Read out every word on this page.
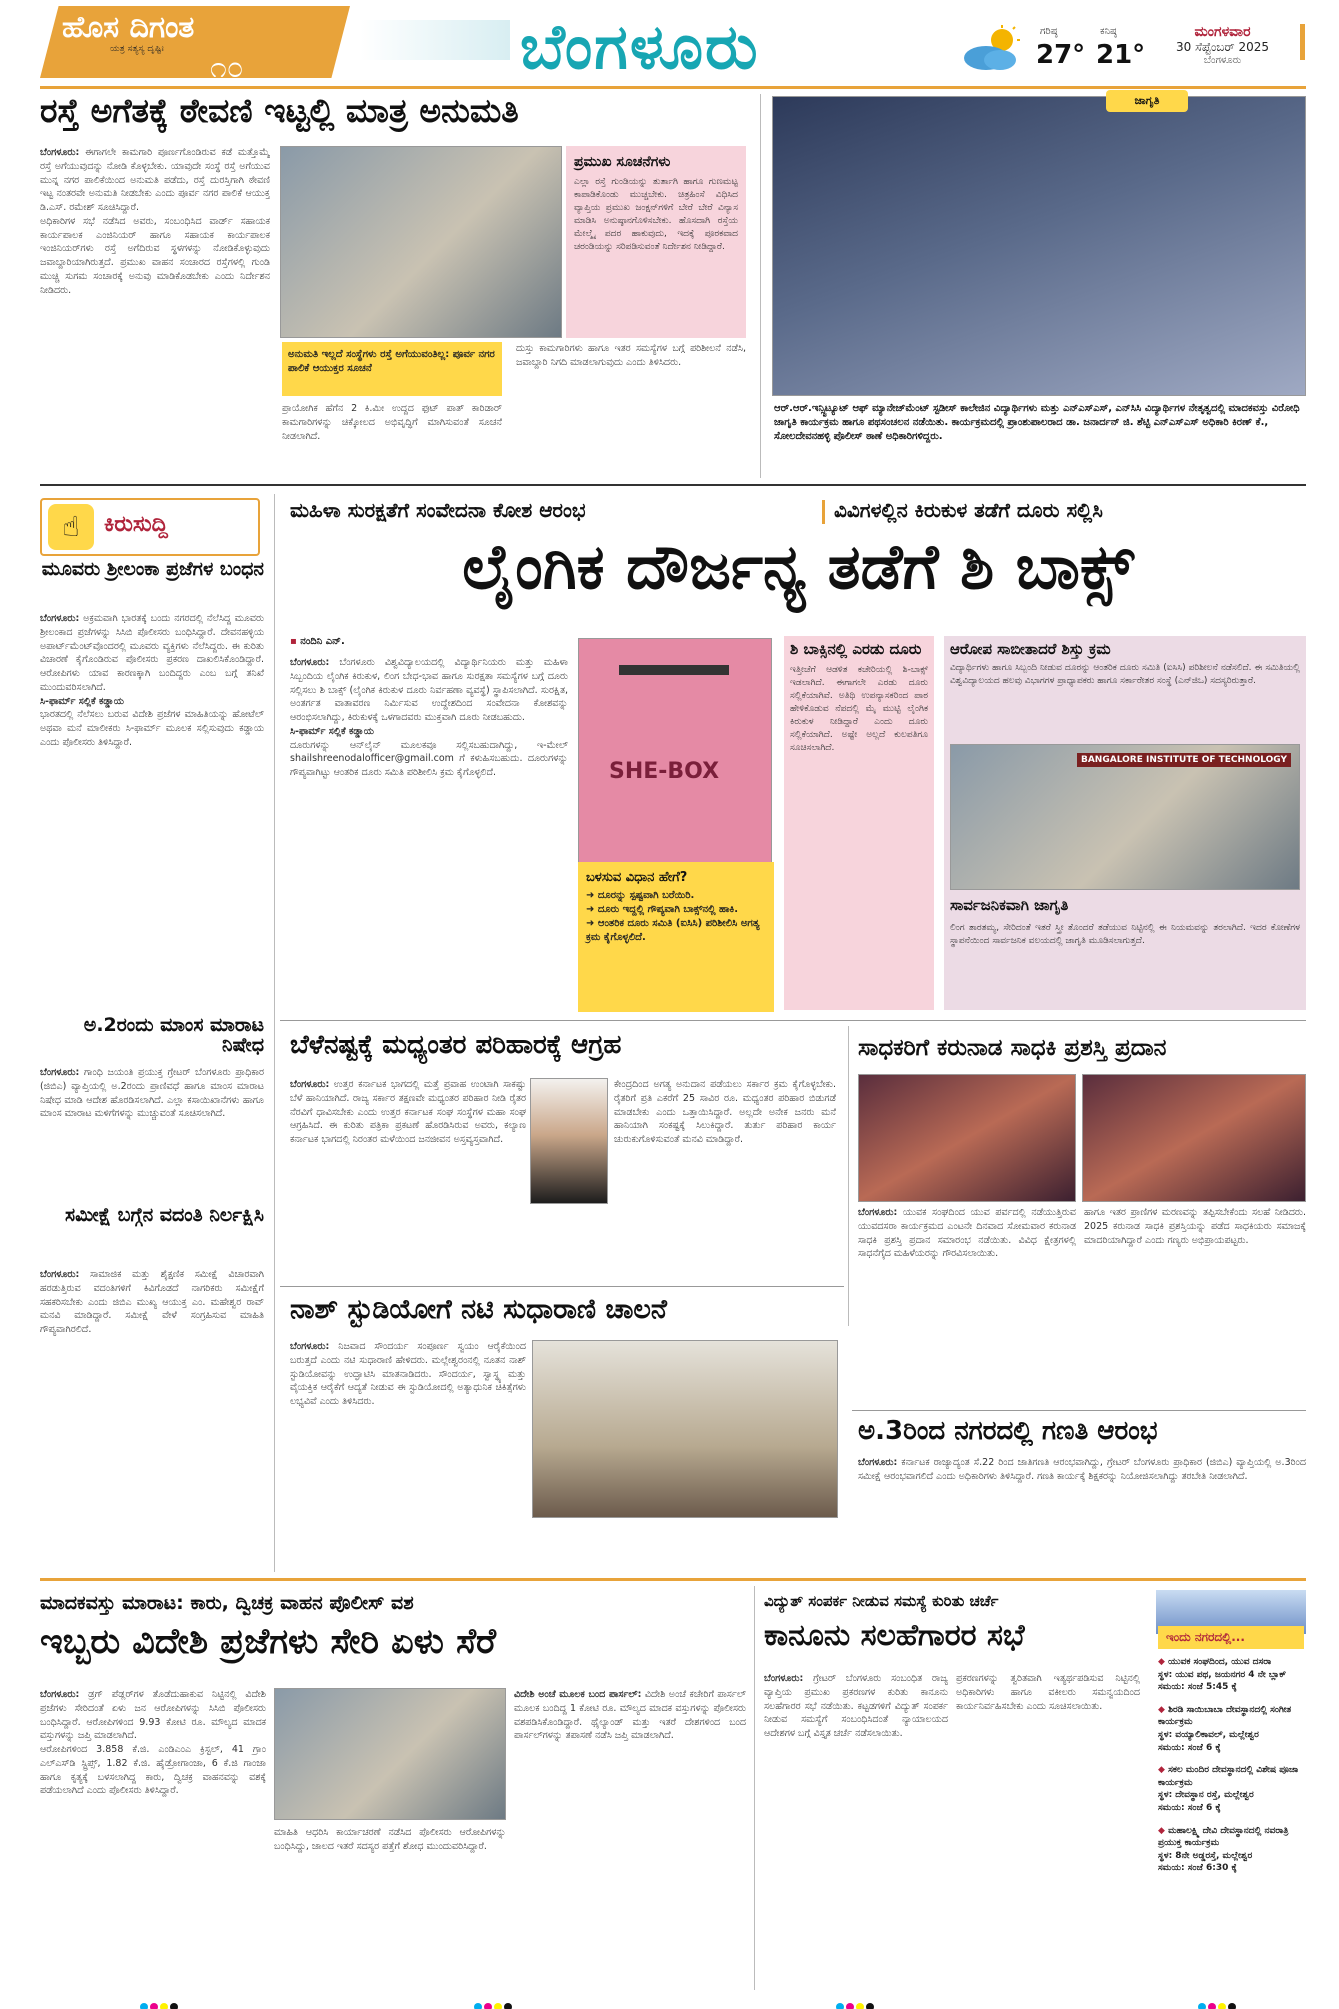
ಹೊಸ ದಿಗಂತ
ಯತ್ರ ಸತ್ಯಸ್ಯ ದೃಷ್ಟಿಃ
೧೦	ಬೆಂಗಳೂರು	ಗರಿಷ್ಠ
27°
ಕನಿಷ್ಠ
21°
ಮಂಗಳವಾರ
30 ಸೆಪ್ಟೆಂಬರ್ 2025
ಬೆಂಗಳೂರು
ರಸ್ತೆ ಅಗೆತಕ್ಕೆ ಠೇವಣಿ ಇಟ್ಟಲ್ಲಿ ಮಾತ್ರ ಅನುಮತಿ
ಬೆಂಗಳೂರು: ಈಗಾಗಲೇ ಕಾಮಗಾರಿ ಪೂರ್ಣಗೊಂಡಿರುವ ಕಡೆ ಮತ್ತೊಮ್ಮೆ ರಸ್ತೆ ಅಗೆಯುವುದನ್ನು ನೋಡಿ ಕೊಳ್ಳಬೇಕು. ಯಾವುದೇ ಸಂಸ್ಥೆ ರಸ್ತೆ ಅಗೆಯುವ ಮುನ್ನ ನಗರ ಪಾಲಿಕೆಯಿಂದ ಅನುಮತಿ ಪಡೆದು, ರಸ್ತೆ ದುರಸ್ತಿಗಾಗಿ ಠೇವಣಿ ಇಟ್ಟ ನಂತರವೇ ಅನುಮತಿ ನೀಡಬೇಕು ಎಂದು ಪೂರ್ವ ನಗರ ಪಾಲಿಕೆ ಆಯುಕ್ತ ಡಿ.ಎಸ್. ರಮೇಶ್ ಸೂಚಿಸಿದ್ದಾರೆ.
ಅಧಿಕಾರಿಗಳ ಸಭೆ ನಡೆಸಿದ ಅವರು, ಸಂಬಂಧಿಸಿದ ವಾರ್ಡ್ ಸಹಾಯಕ ಕಾರ್ಯಪಾಲಕ ಎಂಜಿನಿಯರ್ ಹಾಗೂ ಸಹಾಯಕ ಕಾರ್ಯಪಾಲಕ ಇಂಜಿನಿಯರ್‌ಗಳು ರಸ್ತೆ ಅಗೆದಿರುವ ಸ್ಥಳಗಳನ್ನು ನೋಡಿಕೊಳ್ಳುವುದು ಜವಾಬ್ದಾರಿಯಾಗಿರುತ್ತದೆ. ಪ್ರಮುಖ ವಾಹನ ಸಂಚಾರದ ರಸ್ತೆಗಳಲ್ಲಿ ಗುಂಡಿ ಮುಚ್ಚಿ ಸುಗಮ ಸಂಚಾರಕ್ಕೆ ಅನುವು ಮಾಡಿಕೊಡಬೇಕು ಎಂದು ನಿರ್ದೇಶನ ನೀಡಿದರು.
ಪ್ರಮುಖ ಸೂಚನೆಗಳು
ಎಲ್ಲಾ ರಸ್ತೆ ಗುಂಡಿಯನ್ನು ತುರ್ತಾಗಿ ಹಾಗೂ ಗುಣಮಟ್ಟ ಕಾಪಾಡಿಕೊಂಡು ಮುಚ್ಚಬೇಕು. ಚಿತ್ರಹಿಂಸೆ ವಿಧಿಸಿದ ವ್ಯಾಪ್ತಿಯ ಪ್ರಮುಖ ಜಂಕ್ಷನ್‌ಗಳಿಗೆ ಬೇರೆ ಬೇರೆ ವಿನ್ಯಾಸ ಮಾಡಿಸಿ ಅನುಷ್ಠಾನಗೊಳಿಸಬೇಕು. ಹೊಸದಾಗಿ ರಸ್ತೆಯ ಮೇಲ್ಮೈ ಪದರ ಹಾಕುವುದು, ಇದಕ್ಕೆ ಪೂರಕವಾದ ಚರಂಡಿಯನ್ನು ಸರಿಪಡಿಸುವಂತೆ ನಿರ್ದೇಶನ ನೀಡಿದ್ದಾರೆ.
ಅನುಮತಿ ಇಲ್ಲದೆ ಸಂಸ್ಥೆಗಳು ರಸ್ತೆ ಅಗೆಯುವಂತಿಲ್ಲ: ಪೂರ್ವ ನಗರ ಪಾಲಿಕೆ ಆಯುಕ್ತರ ಸೂಚನೆ
ಪ್ರಾಯೋಗಿಕ ಹೆಗೆನ 2 ಕಿ.ಮೀ ಉದ್ದದ ಫುಟ್ ಪಾತ್ ಕಾರಿಡಾರ್ ಕಾಮಗಾರಿಗಳನ್ನು ಚಿಕ್ಕೋಲದ ಅಭಿವೃದ್ಧಿಗೆ ಮಾಗಿಸುವಂತೆ ಸೂಚನೆ ನೀಡಲಾಗಿದೆ.
ದುಸ್ತು ಕಾಮಗಾರಿಗಳು ಹಾಗೂ ಇತರ ಸಮಸ್ಯೆಗಳ ಬಗ್ಗೆ ಪರಿಶೀಲನೆ ನಡೆಸಿ, ಜವಾಬ್ದಾರಿ ನಿಗದಿ ಮಾಡಲಾಗುವುದು ಎಂದು ತಿಳಿಸಿದರು.
ಜಾಗೃತಿ
ಆರ್.ಆರ್.ಇನ್ಸ್ಟಿಟ್ಯೂಟ್ ಆಫ್ ಮ್ಯಾನೇಜ್‌ಮೆಂಟ್ ಸ್ಟಡೀಸ್ ಕಾಲೇಜಿನ ವಿದ್ಯಾರ್ಥಿಗಳು ಮತ್ತು ಎನ್‌ಎಸ್‌ಎಸ್, ಎನ್‌ಸಿಸಿ ವಿದ್ಯಾರ್ಥಿಗಳ ನೇತೃತ್ವದಲ್ಲಿ ಮಾದಕವಸ್ತು ವಿರೋಧಿ ಜಾಗೃತಿ ಕಾರ್ಯಕ್ರಮ ಹಾಗೂ ಪಥಸಂಚಲನ ನಡೆಯಿತು. ಕಾರ್ಯಕ್ರಮದಲ್ಲಿ ಪ್ರಾಂಶುಪಾಲರಾದ ಡಾ. ಜನಾರ್ದನ್ ಜಿ. ಶೆಟ್ಟಿ ಎನ್‌ಎಸ್‌ಎಸ್ ಅಧಿಕಾರಿ ಕಿರಣ್ ಕೆ., ಸೋಲದೇವನಹಳ್ಳಿ ಪೊಲೀಸ್ ಠಾಣೆ ಅಧಿಕಾರಿಗಳಿದ್ದರು.
☝	ಕಿರುಸುದ್ದಿ
ಮೂವರು ಶ್ರೀಲಂಕಾ ಪ್ರಜೆಗಳ ಬಂಧನ
ಬೆಂಗಳೂರು: ಅಕ್ರಮವಾಗಿ ಭಾರತಕ್ಕೆ ಬಂದು ನಗರದಲ್ಲಿ ನೆಲೆಸಿದ್ದ ಮೂವರು ಶ್ರೀಲಂಕಾದ ಪ್ರಜೆಗಳನ್ನು ಸಿಸಿಬಿ ಪೊಲೀಸರು ಬಂಧಿಸಿದ್ದಾರೆ. ದೇವನಹಳ್ಳಿಯ ಅಪಾರ್ಟ್‌ಮೆಂಟ್‌ವೊಂದರಲ್ಲಿ ಮೂವರು ವ್ಯಕ್ತಿಗಳು ನೆಲೆಸಿದ್ದರು. ಈ ಕುರಿತು ವಿಚಾರಣೆ ಕೈಗೊಂಡಿರುವ ಪೊಲೀಸರು ಪ್ರಕರಣ ದಾಖಲಿಸಿಕೊಂಡಿದ್ದಾರೆ. ಆರೋಪಿಗಳು ಯಾವ ಕಾರಣಕ್ಕಾಗಿ ಬಂದಿದ್ದರು ಎಂಬ ಬಗ್ಗೆ ತನಿಖೆ ಮುಂದುವರಿಸಲಾಗಿದೆ.
ಸಿ-ಫಾರ್ಮ್ ಸಲ್ಲಿಕೆ ಕಡ್ಡಾಯ
ಭಾರತದಲ್ಲಿ ನೆಲೆಸಲು ಬರುವ ವಿದೇಶಿ ಪ್ರಜೆಗಳ ಮಾಹಿತಿಯನ್ನು ಹೋಟೆಲ್ ಅಥವಾ ಮನೆ ಮಾಲೀಕರು ಸಿ-ಫಾರ್ಮ್ ಮೂಲಕ ಸಲ್ಲಿಸುವುದು ಕಡ್ಡಾಯ ಎಂದು ಪೊಲೀಸರು ತಿಳಿಸಿದ್ದಾರೆ.
ಅ.2ರಂದು ಮಾಂಸ ಮಾರಾಟ ನಿಷೇಧ
ಬೆಂಗಳೂರು: ಗಾಂಧಿ ಜಯಂತಿ ಪ್ರಯುಕ್ತ ಗ್ರೇಟರ್ ಬೆಂಗಳೂರು ಪ್ರಾಧಿಕಾರ (ಜಿಬಿಎ) ವ್ಯಾಪ್ತಿಯಲ್ಲಿ ಅ.2ರಂದು ಪ್ರಾಣಿವಧೆ ಹಾಗೂ ಮಾಂಸ ಮಾರಾಟ ನಿಷೇಧ ಮಾಡಿ ಆದೇಶ ಹೊರಡಿಸಲಾಗಿದೆ. ಎಲ್ಲಾ ಕಸಾಯಿಖಾನೆಗಳು ಹಾಗೂ ಮಾಂಸ ಮಾರಾಟ ಮಳಿಗೆಗಳನ್ನು ಮುಚ್ಚುವಂತೆ ಸೂಚಿಸಲಾಗಿದೆ.
ಸಮೀಕ್ಷೆ ಬಗ್ಗೆನ ವದಂತಿ ನಿರ್ಲಕ್ಷಿಸಿ
ಬೆಂಗಳೂರು: ಸಾಮಾಜಿಕ ಮತ್ತು ಶೈಕ್ಷಣಿಕ ಸಮೀಕ್ಷೆ ವಿಚಾರವಾಗಿ ಹರಡುತ್ತಿರುವ ವದಂತಿಗಳಿಗೆ ಕಿವಿಗೊಡದೆ ನಾಗರಿಕರು ಸಮೀಕ್ಷೆಗೆ ಸಹಕರಿಸಬೇಕು ಎಂದು ಜಿಬಿಎ ಮುಖ್ಯ ಆಯುಕ್ತ ಎಂ. ಮಹೇಶ್ವರ ರಾವ್ ಮನವಿ ಮಾಡಿದ್ದಾರೆ. ಸಮೀಕ್ಷೆ ವೇಳೆ ಸಂಗ್ರಹಿಸುವ ಮಾಹಿತಿ ಗೌಪ್ಯವಾಗಿರಲಿದೆ.
ಮಹಿಳಾ ಸುರಕ್ಷತೆಗೆ ಸಂವೇದನಾ ಕೋಶ ಆರಂಭ	ವಿವಿಗಳಲ್ಲಿನ ಕಿರುಕುಳ ತಡೆಗೆ ದೂರು ಸಲ್ಲಿಸಿ
ಲೈಂಗಿಕ ದೌರ್ಜನ್ಯ ತಡೆಗೆ ಶಿ ಬಾಕ್ಸ್
▪ ನಂದಿನಿ ಎನ್.
ಬೆಂಗಳೂರು: ಬೆಂಗಳೂರು ವಿಶ್ವವಿದ್ಯಾಲಯದಲ್ಲಿ ವಿದ್ಯಾರ್ಥಿನಿಯರು ಮತ್ತು ಮಹಿಳಾ ಸಿಬ್ಬಂದಿಯ ಲೈಂಗಿಕ ಕಿರುಕುಳ, ಲಿಂಗ ಬೇಧ-ಭಾವ ಹಾಗೂ ಸುರಕ್ಷತಾ ಸಮಸ್ಯೆಗಳ ಬಗ್ಗೆ ದೂರು ಸಲ್ಲಿಸಲು ಶಿ ಬಾಕ್ಸ್ (ಲೈಂಗಿಕ ಕಿರುಕುಳ ದೂರು ನಿರ್ವಹಣಾ ವ್ಯವಸ್ಥೆ) ಸ್ಥಾಪಿಸಲಾಗಿದೆ. ಸುರಕ್ಷಿತ, ಅಂತರ್ಗತ ವಾತಾವರಣ ನಿರ್ಮಿಸುವ ಉದ್ದೇಶದಿಂದ ಸಂವೇದನಾ ಕೋಶವನ್ನು ಆರಂಭಿಸಲಾಗಿದ್ದು, ಕಿರುಕುಳಕ್ಕೆ ಒಳಗಾದವರು ಮುಕ್ತವಾಗಿ ದೂರು ನೀಡಬಹುದು.
ಸಿ-ಫಾರ್ಮ್ ಸಲ್ಲಿಕೆ ಕಡ್ಡಾಯ
ದೂರುಗಳನ್ನು ಆನ್‌ಲೈನ್ ಮೂಲಕವೂ ಸಲ್ಲಿಸಬಹುದಾಗಿದ್ದು, ಇ-ಮೇಲ್ shailshreenodalofficer@gmail.com ಗೆ ಕಳುಹಿಸಬಹುದು. ದೂರುಗಳನ್ನು ಗೌಪ್ಯವಾಗಿಟ್ಟು ಆಂತರಿಕ ದೂರು ಸಮಿತಿ ಪರಿಶೀಲಿಸಿ ಕ್ರಮ ಕೈಗೊಳ್ಳಲಿದೆ.	SHE-BOX
ಬಳಸುವ ವಿಧಾನ ಹೇಗೆ?
➜ ದೂರನ್ನು ಸ್ಪಷ್ಟವಾಗಿ ಬರೆಯಿರಿ.
➜ ದೂರು ಇದ್ದಲ್ಲಿ ಗೌಪ್ಯವಾಗಿ ಬಾಕ್ಸ್‌ನಲ್ಲಿ ಹಾಕಿ.
➜ ಆಂತರಿಕ ದೂರು ಸಮಿತಿ (ಐಸಿಸಿ) ಪರಿಶೀಲಿಸಿ ಅಗತ್ಯ ಕ್ರಮ ಕೈಗೊಳ್ಳಲಿದೆ.
ಶಿ ಬಾಕ್ಸಿನಲ್ಲಿ ಎರಡು ದೂರು
ಇತ್ತೀಚೆಗೆ ಆಡಳಿತ ಕಚೇರಿಯಲ್ಲಿ ಶಿ-ಬಾಕ್ಸ್ ಇಡಲಾಗಿದೆ. ಈಗಾಗಲೇ ಎರಡು ದೂರು ಸಲ್ಲಿಕೆಯಾಗಿವೆ. ಅತಿಥಿ ಉಪನ್ಯಾಸಕರಿಂದ ಪಾಠ ಹೇಳಿಕೊಡುವ ನೆಪದಲ್ಲಿ ಮೈ ಮುಟ್ಟಿ ಲೈಂಗಿಕ ಕಿರುಕುಳ ನೀಡಿದ್ದಾರೆ ಎಂದು ದೂರು ಸಲ್ಲಿಕೆಯಾಗಿದೆ. ಅಷ್ಟೇ ಅಲ್ಲದೆ ಕುಲಪತಿಗೂ ಸೂಚಿಸಲಾಗಿದೆ.
ಆರೋಪ ಸಾಬೀತಾದರೆ ಶಿಸ್ತು ಕ್ರಮ
ವಿದ್ಯಾರ್ಥಿಗಳು ಹಾಗೂ ಸಿಬ್ಬಂದಿ ನೀಡುವ ದೂರನ್ನು ಆಂತರಿಕ ದೂರು ಸಮಿತಿ (ಐಸಿಸಿ) ಪರಿಶೀಲನೆ ನಡೆಸಲಿದೆ. ಈ ಸಮಿತಿಯಲ್ಲಿ ವಿಶ್ವವಿದ್ಯಾಲಯದ ಹಲವು ವಿಭಾಗಗಳ ಪ್ರಾಧ್ಯಾಪಕರು ಹಾಗೂ ಸರ್ಕಾರೇತರ ಸಂಸ್ಥೆ (ಎನ್‌ಜಿಒ) ಸದಸ್ಯರಿರುತ್ತಾರೆ.
BANGALORE INSTITUTE OF TECHNOLOGY
ಸಾರ್ವಜನಿಕವಾಗಿ ಜಾಗೃತಿ
ಲಿಂಗ ತಾರತಮ್ಯ, ಸೇರಿದಂತೆ ಇತರೆ ಸ್ತ್ರೀ ತೊಂದರೆ ತಡೆಯುವ ನಿಟ್ಟಿನಲ್ಲಿ ಈ ನಿಯಮವನ್ನು ತರಲಾಗಿದೆ. ಇದರ ಕೋಣೆಗಳ ಸ್ಥಾಪನೆಯಿಂದ ಸಾರ್ವಜನಿಕ ವಲಯದಲ್ಲಿ ಜಾಗೃತಿ ಮೂಡಿಸಲಾಗುತ್ತದೆ.
ಬೆಳೆನಷ್ಟಕ್ಕೆ ಮಧ್ಯಂತರ ಪರಿಹಾರಕ್ಕೆ ಆಗ್ರಹ
ಬೆಂಗಳೂರು: ಉತ್ತರ ಕರ್ನಾಟಕ ಭಾಗದಲ್ಲಿ ಮತ್ತೆ ಪ್ರವಾಹ ಉಂಟಾಗಿ ಸಾಕಷ್ಟು ಬೆಳೆ ಹಾನಿಯಾಗಿದೆ. ರಾಜ್ಯ ಸರ್ಕಾರ ತಕ್ಷಣವೇ ಮಧ್ಯಂತರ ಪರಿಹಾರ ನೀಡಿ ರೈತರ ನೆರವಿಗೆ ಧಾವಿಸಬೇಕು ಎಂದು ಉತ್ತರ ಕರ್ನಾಟಕ ಸಂಘ ಸಂಸ್ಥೆಗಳ ಮಹಾ ಸಂಘ ಆಗ್ರಹಿಸಿದೆ. ಈ ಕುರಿತು ಪತ್ರಿಕಾ ಪ್ರಕಟಣೆ ಹೊರಡಿಸಿರುವ ಅವರು, ಕಲ್ಯಾಣ ಕರ್ನಾಟಕ ಭಾಗದಲ್ಲಿ ನಿರಂತರ ಮಳೆಯಿಂದ ಜನಜೀವನ ಅಸ್ತವ್ಯಸ್ತವಾಗಿದೆ.
ಕೇಂದ್ರದಿಂದ ಅಗತ್ಯ ಅನುದಾನ ಪಡೆಯಲು ಸರ್ಕಾರ ಕ್ರಮ ಕೈಗೊಳ್ಳಬೇಕು. ರೈತರಿಗೆ ಪ್ರತಿ ಎಕರೆಗೆ 25 ಸಾವಿರ ರೂ. ಮಧ್ಯಂತರ ಪರಿಹಾರ ಬಿಡುಗಡೆ ಮಾಡಬೇಕು ಎಂದು ಒತ್ತಾಯಿಸಿದ್ದಾರೆ. ಅಲ್ಲದೇ ಅನೇಕ ಜನರು ಮನೆ ಹಾನಿಯಾಗಿ ಸಂಕಷ್ಟಕ್ಕೆ ಸಿಲುಕಿದ್ದಾರೆ. ತುರ್ತು ಪರಿಹಾರ ಕಾರ್ಯ ಚುರುಕುಗೊಳಿಸುವಂತೆ ಮನವಿ ಮಾಡಿದ್ದಾರೆ.
ಸಾಧಕರಿಗೆ ಕರುನಾಡ ಸಾಧಕಿ ಪ್ರಶಸ್ತಿ ಪ್ರದಾನ
ಬೆಂಗಳೂರು: ಯುವಕ ಸಂಘದಿಂದ ಯುವ ಪರ್ವದಲ್ಲಿ ನಡೆಯುತ್ತಿರುವ ಯುವದಸರಾ ಕಾರ್ಯಕ್ರಮದ ಎಂಟನೇ ದಿನವಾದ ಸೋಮವಾರ ಕರುನಾಡ ಸಾಧಕಿ ಪ್ರಶಸ್ತಿ ಪ್ರದಾನ ಸಮಾರಂಭ ನಡೆಯಿತು. ವಿವಿಧ ಕ್ಷೇತ್ರಗಳಲ್ಲಿ ಸಾಧನೆಗೈದ ಮಹಿಳೆಯರನ್ನು ಗೌರವಿಸಲಾಯಿತು.
ಹಾಗೂ ಇತರ ಪ್ರಾಣಿಗಳ ಮರಣವನ್ನು ತಪ್ಪಿಸಬೇಕೆಂದು ಸಲಹೆ ನೀಡಿದರು. 2025 ಕರುನಾಡ ಸಾಧಕಿ ಪ್ರಶಸ್ತಿಯನ್ನು ಪಡೆದ ಸಾಧಕಿಯರು ಸಮಾಜಕ್ಕೆ ಮಾದರಿಯಾಗಿದ್ದಾರೆ ಎಂದು ಗಣ್ಯರು ಅಭಿಪ್ರಾಯಪಟ್ಟರು.
ನಾಶ್ ಸ್ಟುಡಿಯೋಗೆ ನಟಿ ಸುಧಾರಾಣಿ ಚಾಲನೆ
ಬೆಂಗಳೂರು: ನಿಜವಾದ ಸೌಂದರ್ಯ ಸಂಪೂರ್ಣ ಸ್ವಯಂ ಆರೈಕೆಯಿಂದ ಬರುತ್ತದೆ ಎಂದು ನಟಿ ಸುಧಾರಾಣಿ ಹೇಳಿದರು. ಮಲ್ಲೇಶ್ವರಂನಲ್ಲಿ ನೂತನ ನಾಶ್ ಸ್ಟುಡಿಯೋವನ್ನು ಉದ್ಘಾಟಿಸಿ ಮಾತನಾಡಿದರು. ಸೌಂದರ್ಯ, ಸ್ವಾಸ್ಥ್ಯ ಮತ್ತು ವೈಯಕ್ತಿಕ ಆರೈಕೆಗೆ ಆದ್ಯತೆ ನೀಡುವ ಈ ಸ್ಟುಡಿಯೋದಲ್ಲಿ ಅತ್ಯಾಧುನಿಕ ಚಿಕಿತ್ಸೆಗಳು ಲಭ್ಯವಿವೆ ಎಂದು ತಿಳಿಸಿದರು.
ಅ.3ರಿಂದ ನಗರದಲ್ಲಿ ಗಣತಿ ಆರಂಭ
ಬೆಂಗಳೂರು: ಕರ್ನಾಟಕ ರಾಜ್ಯಾದ್ಯಂತ ಸೆ.22 ರಿಂದ ಜಾತಿಗಣತಿ ಆರಂಭವಾಗಿದ್ದು, ಗ್ರೇಟರ್ ಬೆಂಗಳೂರು ಪ್ರಾಧಿಕಾರ (ಜಿಬಿಎ) ವ್ಯಾಪ್ತಿಯಲ್ಲಿ ಅ.3ರಿಂದ ಸಮೀಕ್ಷೆ ಆರಂಭವಾಗಲಿದೆ ಎಂದು ಅಧಿಕಾರಿಗಳು ತಿಳಿಸಿದ್ದಾರೆ. ಗಣತಿ ಕಾರ್ಯಕ್ಕೆ ಶಿಕ್ಷಕರನ್ನು ನಿಯೋಜಿಸಲಾಗಿದ್ದು ತರಬೇತಿ ನೀಡಲಾಗಿದೆ.
ಮಾದಕವಸ್ತು ಮಾರಾಟ: ಕಾರು, ದ್ವಿಚಕ್ರ ವಾಹನ ಪೊಲೀಸ್ ವಶ
ಇಬ್ಬರು ವಿದೇಶಿ ಪ್ರಜೆಗಳು ಸೇರಿ ಏಳು ಸೆರೆ
ಬೆಂಗಳೂರು: ಡ್ರಗ್ ಪೆಡ್ಲರ್‌ಗಳ ತೊಡೆದುಹಾಕುವ ನಿಟ್ಟಿನಲ್ಲಿ ವಿದೇಶಿ ಪ್ರಜೆಗಳು ಸೇರಿದಂತೆ ಏಳು ಜನ ಆರೋಪಿಗಳನ್ನು ಸಿಸಿಬಿ ಪೊಲೀಸರು ಬಂಧಿಸಿದ್ದಾರೆ. ಆರೋಪಿಗಳಿಂದ 9.93 ಕೋಟಿ ರೂ. ಮೌಲ್ಯದ ಮಾದಕ ವಸ್ತುಗಳನ್ನು ಜಪ್ತಿ ಮಾಡಲಾಗಿದೆ.
ಆರೋಪಿಗಳಿಂದ 3.858 ಕೆ.ಜಿ. ಎಂಡಿಎಂಎ ಕ್ರಿಸ್ಟಲ್, 41 ಗ್ರಾಂ ಎಲ್‌ಎಸ್‌ಡಿ ಸ್ಟ್ರಿಪ್ಸ್, 1.82 ಕೆ.ಜಿ. ಹೈಡ್ರೋಗಾಂಜಾ, 6 ಕೆ.ಜಿ ಗಾಂಜಾ ಹಾಗೂ ಕೃತ್ಯಕ್ಕೆ ಬಳಸಲಾಗಿದ್ದ ಕಾರು, ದ್ವಿಚಕ್ರ ವಾಹನವನ್ನು ವಶಕ್ಕೆ ಪಡೆಯಲಾಗಿದೆ ಎಂದು ಪೊಲೀಸರು ತಿಳಿಸಿದ್ದಾರೆ.
ಮಾಹಿತಿ ಆಧರಿಸಿ ಕಾರ್ಯಾಚರಣೆ ನಡೆಸಿದ ಪೊಲೀಸರು ಆರೋಪಿಗಳನ್ನು ಬಂಧಿಸಿದ್ದು, ಜಾಲದ ಇತರೆ ಸದಸ್ಯರ ಪತ್ತೆಗೆ ಶೋಧ ಮುಂದುವರಿಸಿದ್ದಾರೆ.
ವಿದೇಶಿ ಅಂಚೆ ಮೂಲಕ ಬಂದ ಪಾರ್ಸಲ್: ವಿದೇಶಿ ಅಂಚೆ ಕಚೇರಿಗೆ ಪಾರ್ಸಲ್ ಮೂಲಕ ಬಂದಿದ್ದ 1 ಕೋಟಿ ರೂ. ಮೌಲ್ಯದ ಮಾದಕ ವಸ್ತುಗಳನ್ನು ಪೊಲೀಸರು ವಶಪಡಿಸಿಕೊಂಡಿದ್ದಾರೆ. ಥೈಲ್ಯಾಂಡ್ ಮತ್ತು ಇತರೆ ದೇಶಗಳಿಂದ ಬಂದ ಪಾರ್ಸಲ್‌ಗಳನ್ನು ತಪಾಸಣೆ ನಡೆಸಿ ಜಪ್ತಿ ಮಾಡಲಾಗಿದೆ.
ವಿದ್ಯುತ್ ಸಂಪರ್ಕ ನೀಡುವ ಸಮಸ್ಯೆ ಕುರಿತು ಚರ್ಚೆ
ಕಾನೂನು ಸಲಹೆಗಾರರ ಸಭೆ
ಬೆಂಗಳೂರು: ಗ್ರೇಟರ್ ಬೆಂಗಳೂರು ಸಂಬಂಧಿತ ರಾಜ್ಯ ವ್ಯಾಪ್ತಿಯ ಪ್ರಮುಖ ಪ್ರಕರಣಗಳ ಕುರಿತು ಕಾನೂನು ಸಲಹೆಗಾರರ ಸಭೆ ನಡೆಯಿತು. ಕಟ್ಟಡಗಳಿಗೆ ವಿದ್ಯುತ್ ಸಂಪರ್ಕ ನೀಡುವ ಸಮಸ್ಯೆಗೆ ಸಂಬಂಧಿಸಿದಂತೆ ನ್ಯಾಯಾಲಯದ ಆದೇಶಗಳ ಬಗ್ಗೆ ವಿಸ್ತೃತ ಚರ್ಚೆ ನಡೆಸಲಾಯಿತು.
ಪ್ರಕರಣಗಳನ್ನು ತ್ವರಿತವಾಗಿ ಇತ್ಯರ್ಥಪಡಿಸುವ ನಿಟ್ಟಿನಲ್ಲಿ ಅಧಿಕಾರಿಗಳು ಹಾಗೂ ವಕೀಲರು ಸಮನ್ವಯದಿಂದ ಕಾರ್ಯನಿರ್ವಹಿಸಬೇಕು ಎಂದು ಸೂಚಿಸಲಾಯಿತು.
ಇಂದು ನಗರದಲ್ಲಿ...
◆ ಯುವಕ ಸಂಘದಿಂದ, ಯುವ ದಸರಾ
ಸ್ಥಳ: ಯುವ ಪಥ, ಜಯನಗರ 4 ನೇ ಬ್ಲಾಕ್
ಸಮಯ: ಸಂಜೆ 5:45 ಕ್ಕೆ
◆ ಶಿರಡಿ ಸಾಯಿಬಾಬಾ ದೇವಸ್ಥಾನದಲ್ಲಿ ಸಂಗೀತ ಕಾರ್ಯಕ್ರಮ
ಸ್ಥಳ: ವಯ್ಯಾಲಿಕಾವಲ್, ಮಲ್ಲೇಶ್ವರ
ಸಮಯ: ಸಂಜೆ 6 ಕ್ಕೆ
◆ ಸಕಲ ಮಂದಿರ ದೇವಸ್ಥಾನದಲ್ಲಿ ವಿಶೇಷ ಪೂಜಾ ಕಾರ್ಯಕ್ರಮ
ಸ್ಥಳ: ದೇವಸ್ಥಾನ ರಸ್ತೆ, ಮಲ್ಲೇಶ್ವರ
ಸಮಯ: ಸಂಜೆ 6 ಕ್ಕೆ
◆ ಮಹಾಲಕ್ಷ್ಮಿ ದೇವಿ ದೇವಸ್ಥಾನದಲ್ಲಿ ನವರಾತ್ರಿ ಪ್ರಯುಕ್ತ ಕಾರ್ಯಕ್ರಮ
ಸ್ಥಳ: 8ನೇ ಅಡ್ಡರಸ್ತೆ, ಮಲ್ಲೇಶ್ವರ
ಸಮಯ: ಸಂಜೆ 6:30 ಕ್ಕೆ
